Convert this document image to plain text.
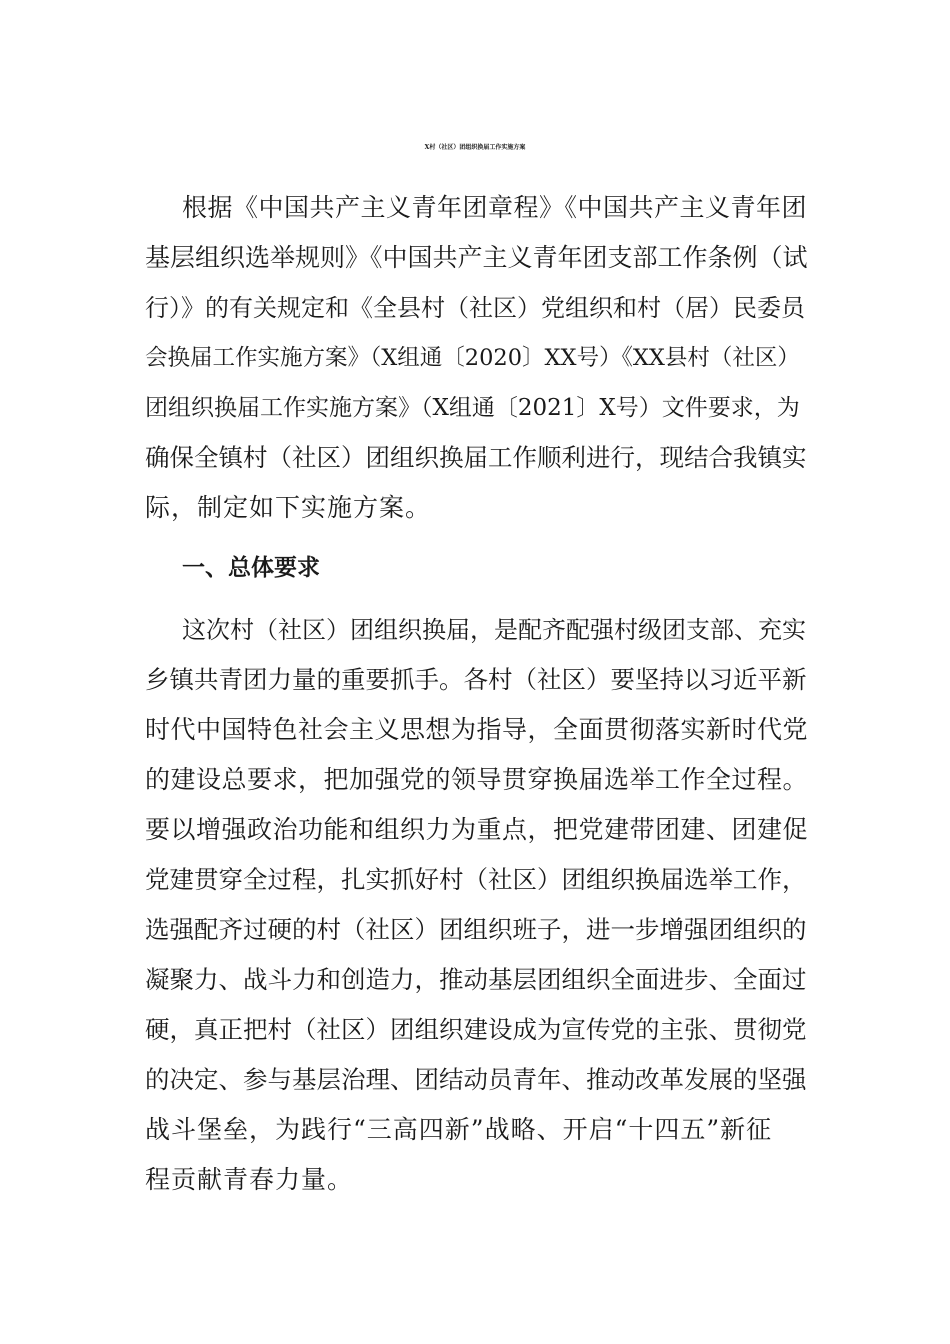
X村（社区）团组织换届工作实施方案
根据《中国共产主义青年团章程》《中国共产主义青年团
基层组织选举规则》《中国共产主义青年团支部工作条例（试
行）》的有关规定和《全县村（社区）党组织和村（居）民委员
会换届工作实施方案》（X组通〔2020〕XX号）《XX县村（社区）
团组织换届工作实施方案》（X组通〔2021〕X号）文件要求，为
确保全镇村（社区）团组织换届工作顺利进行，现结合我镇实
际，制定如下实施方案。
一、总体要求
这次村（社区）团组织换届，是配齐配强村级团支部、充实
乡镇共青团力量的重要抓手。各村（社区）要坚持以习近平新
时代中国特色社会主义思想为指导，全面贯彻落实新时代党
的建设总要求，把加强党的领导贯穿换届选举工作全过程。
要以增强政治功能和组织力为重点，把党建带团建、团建促
党建贯穿全过程，扎实抓好村（社区）团组织换届选举工作，
选强配齐过硬的村（社区）团组织班子，进一步增强团组织的
凝聚力、战斗力和创造力，推动基层团组织全面进步、全面过
硬，真正把村（社区）团组织建设成为宣传党的主张、贯彻党
的决定、参与基层治理、团结动员青年、推动改革发展的坚强
战斗堡垒，为践行“三高四新”战略、开启“十四五”新征
程贡献青春力量。
